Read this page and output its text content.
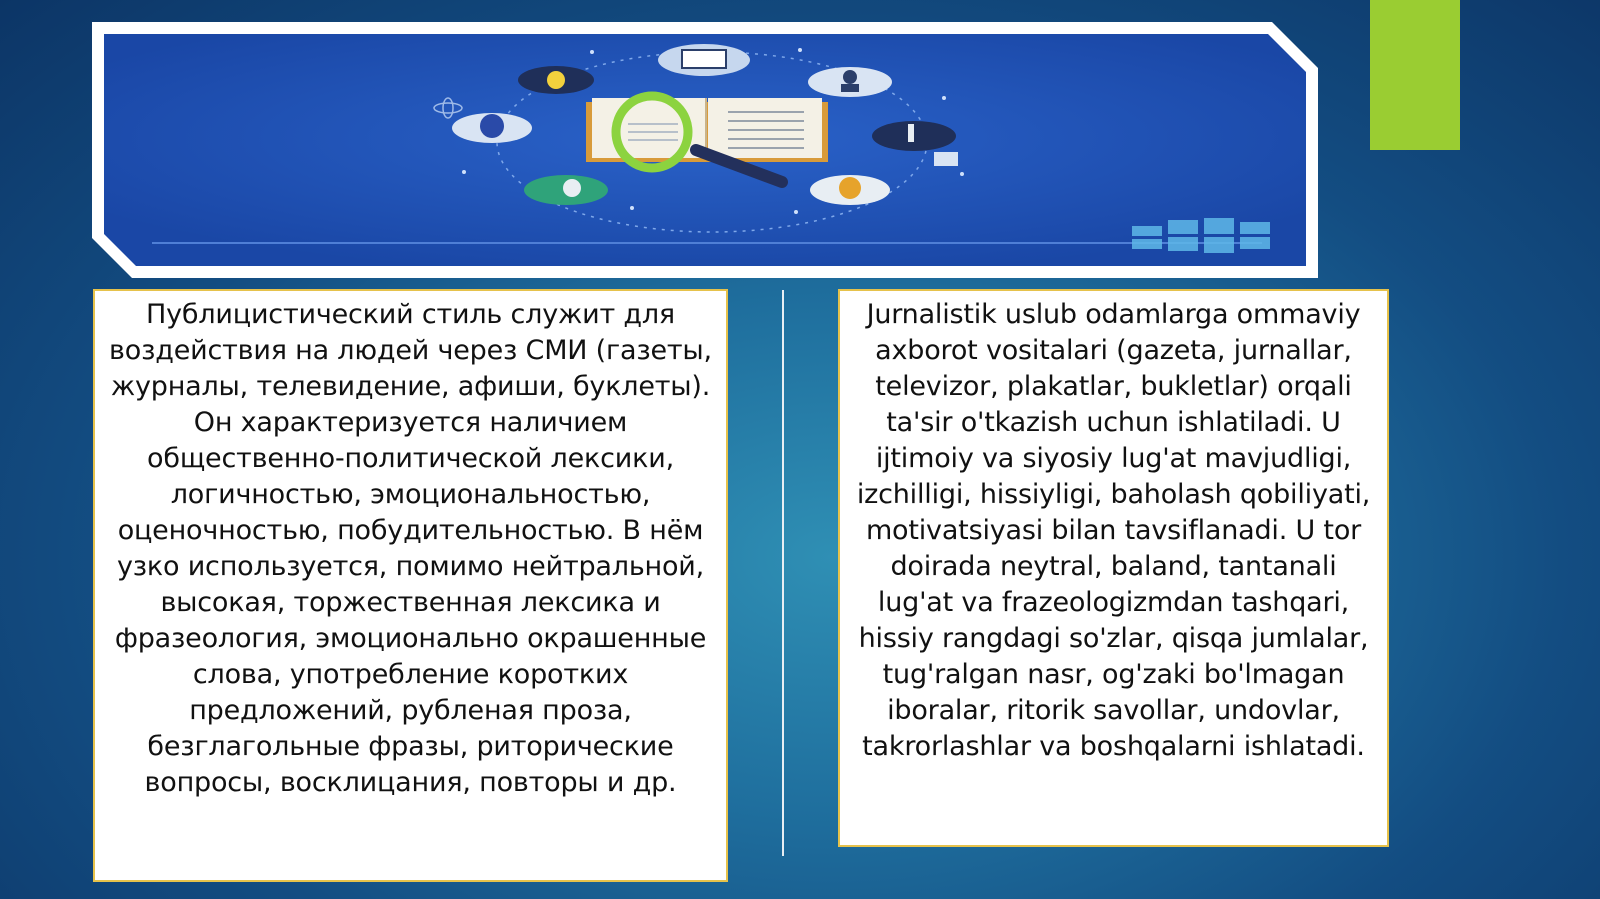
Публицистический стиль служит для воздействия на людей через СМИ (газеты, журналы, телевидение, афиши, буклеты). Он характеризуется наличием общественно-политической лексики, логичностью, эмоциональностью, оценочностью, побудительностью. В нём узко используется, помимо нейтральной, высокая, торжественная лексика и фразеология, эмоционально окрашенные слова, употребление коротких предложений, рубленая проза, безглагольные фразы, риторические вопросы, восклицания, повторы и др.

Jurnalistik uslub odamlarga ommaviy axborot vositalari (gazeta, jurnallar, televizor, plakatlar, bukletlar) orqali ta'sir o'tkazish uchun ishlatiladi. U ijtimoiy va siyosiy lug'at mavjudligi, izchilligi, hissiyligi, baholash qobiliyati, motivatsiyasi bilan tavsiflanadi. U tor doirada neytral, baland, tantanali lug'at va frazeologizmdan tashqari, hissiy rangdagi so'zlar, qisqa jumlalar, tug'ralgan nasr, og'zaki bo'lmagan iboralar, ritorik savollar, undovlar, takrorlashlar va boshqalarni ishlatadi.
